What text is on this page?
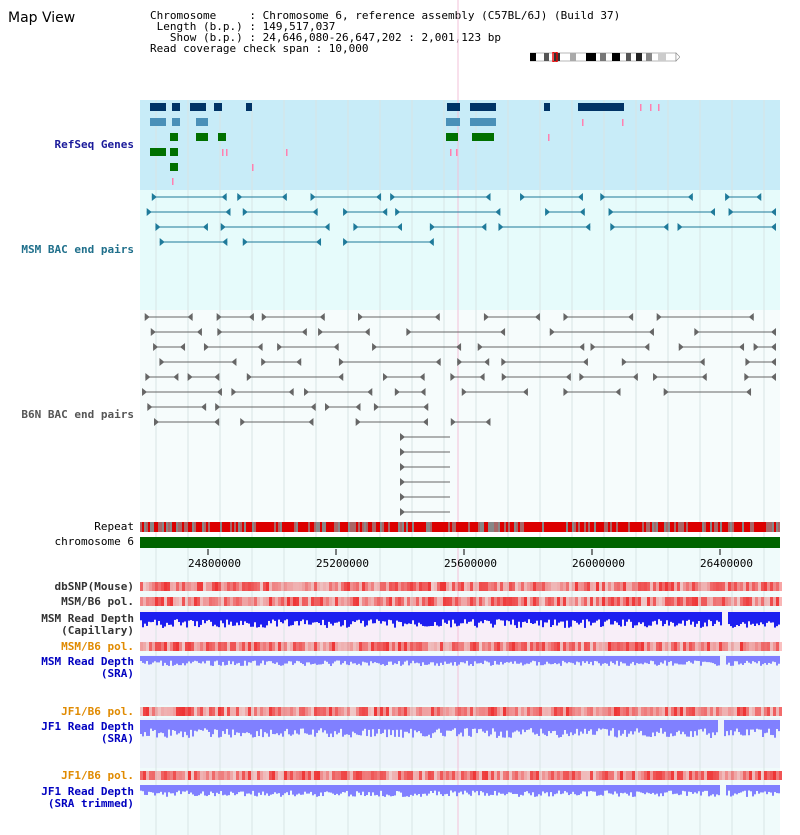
Map View	Chromosome     : Chromosome 6, reference assembly (C57BL/6J) (Build 37)
Length (b.p.) : 149,517,037
Show (b.p.) : 24,646,080-26,647,202 : 2,001,123 bp
Read coverage check span : 10,000
RefSeq Genes
MSM BAC end pairs
B6N BAC end pairs
Repeat
chromosome 6
dbSNP(Mouse)
MSM/B6 pol.
MSM Read Depth
(Capillary)
MSM/B6 pol.
MSM Read Depth
(SRA)
JF1/B6 pol.
JF1 Read Depth
(SRA)
JF1/B6 pol.
JF1 Read Depth
(SRA trimmed)
24800000	25200000	25600000	26000000	26400000
